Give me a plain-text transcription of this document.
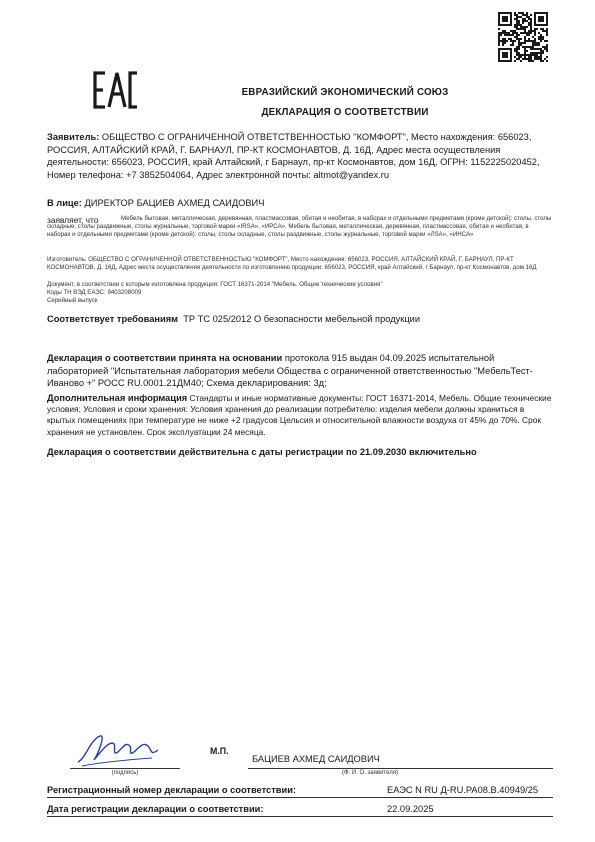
ЕВРАЗИЙСКИЙ ЭКОНОМИЧЕСКИЙ СОЮЗ
ДЕКЛАРАЦИЯ О СООТВЕТСТВИИ
Заявитель: ОБЩЕСТВО С ОГРАНИЧЕННОЙ ОТВЕТСТВЕННОСТЬЮ "КОМФОРТ", Место нахождения: 656023, РОССИЯ, АЛТАЙСКИЙ КРАЙ, Г. БАРНАУЛ, ПР-КТ КОСМОНАВТОВ, Д. 16Д, Адрес места осуществления деятельности: 656023, РОССИЯ, край Алтайский, г Барнаул, пр-кт Космонавтов, дом 16Д, ОГРН: 1152225020452, Номер телефона: +7 3852504064, Адрес электронной почты: altmot@yandex.ru
В лице: ДИРЕКТОР БАЦИЕВ АХМЕД САИДОВИЧ
заявляет, что	Мебель бытовая, металлическая, деревянная, пластмассовая, обитая и необитая, в наборах и отдельными предметами (кроме детской): столы, столы складные, столы раздвижные, столы журнальные, торговой марки «IRSA», «ИРСА». Мебель бытовая, металлическая, деревянная, пластмассовая, обитая и необитая, в наборах и отдельными предметами (кроме детской): столы, столы складные, столы раздвижные, столы журнальные, торговой марки «ЛSA», «ИНСА»
Изготовитель: ОБЩЕСТВО С ОГРАНИЧЕННОЙ ОТВЕТСТВЕННОСТЬЮ "КОМФОРТ", Место нахождения: 656023, РОССИЯ, АЛТАЙСКИЙ КРАЙ, Г. БАРНАУЛ, ПР-КТ КОСМОНАВТОВ, Д. 16Д, Адрес места осуществления деятельности по изготовлению продукции: 656023, РОССИЯ, край Алтайский, г Барнаул, пр-кт Космонавтов, дом 16Д
Документ, в соответствии с которым изготовлена продукция: ГОСТ 16371-2014 "Мебель. Общие технические условия"
Коды ТН ВЭД ЕАЭС: 9403208009
Серийный выпуск
Соответствует требованиям ТР ТС 025/2012 О безопасности мебельной продукции
Декларация о соответствии принята на основании протокола 915 выдан 04.09.2025 испытательной лабораторией "Испытательная лаборатория мебели Общества с ограниченной ответственностью "МебельТест-Иваново +" РОСС RU.0001.21ДМ40; Схема декларирования: 3д;
Дополнительная информация Стандарты и иные нормативные документы: ГОСТ 16371-2014, Мебель. Общие технические условия; Условия и сроки хранения: Условия хранения до реализации потребителю: изделия мебели должны храниться в крытых помещениях при температуре не ниже +2 градусов Цельсия и относительной влажности воздуха от 45% до 70%. Срок хранения не установлен. Срок эксплуатации 24 месяца.
Декларация о соответствии действительна с даты регистрации по 21.09.2030 включительно
(подпись)
М.П.
БАЦИЕВ АХМЕД САИДОВИЧ
(Ф. И. О. заявителя)
Регистрационный номер декларации о соответствии:	ЕАЭС N RU Д-RU.PA08.B.40949/25
Дата регистрации декларации о соответствии:	22.09.2025
